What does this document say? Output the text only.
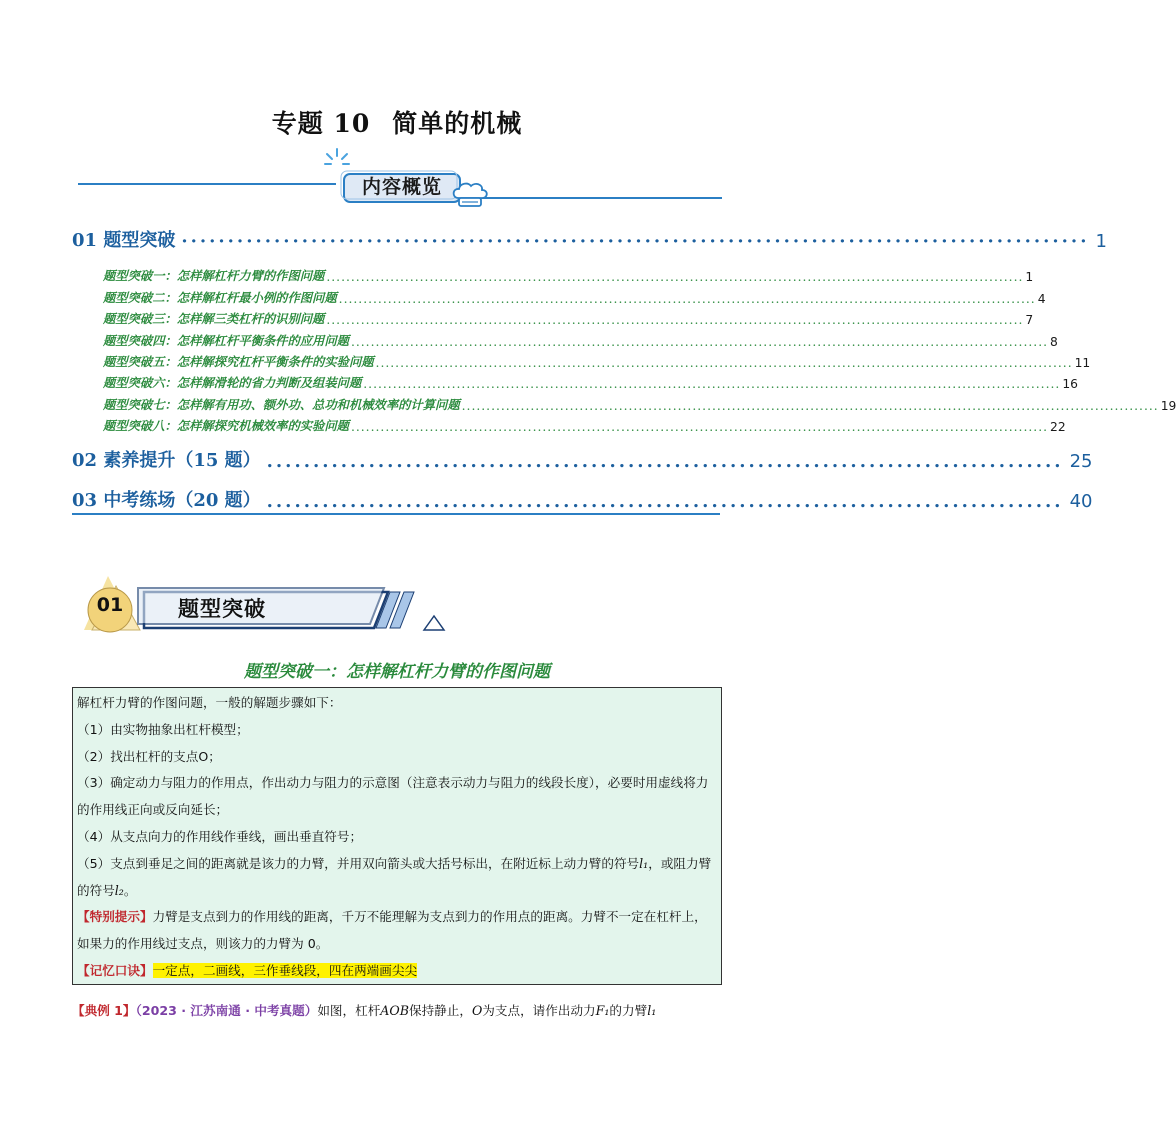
专题 10 简单的机械
内容概览
01 题型突破 ·································································································· 1
题型突破一：怎样解杠杆力臂的作图问题 .............................................................................................................................................. 1
题型突破二：怎样解杠杆最小例的作图问题 .............................................................................................................................................. 4
题型突破三：怎样解三类杠杆的识别问题 .............................................................................................................................................. 7
题型突破四：怎样解杠杆平衡条件的应用问题 .............................................................................................................................................. 8
题型突破五：怎样解探究杠杆平衡条件的实验问题 .............................................................................................................................................. 11
题型突破六：怎样解滑轮的省力判断及组装问题 .............................................................................................................................................. 16
题型突破七：怎样解有用功、额外功、总功和机械效率的计算问题 .............................................................................................................................................. 19
题型突破八：怎样解探究机械效率的实验问题 .............................................................................................................................................. 22
02 素养提升（15 题） ...................................................................................... 25
03 中考练场（20 题） ...................................................................................... 40
01	题型突破
题型突破一：怎样解杠杆力臂的作图问题

解杠杆力臂的作图问题，一般的解题步骤如下：

（1）由实物抽象出杠杆模型；

（2）找出杠杆的支点O；

（3）确定动力与阻力的作用点，作出动力与阻力的示意图（注意表示动力与阻力的线段长度），必要时用虚线将力的作用线正向或反向延长；

（4）从支点向力的作用线作垂线，画出垂直符号；

（5）支点到垂足之间的距离就是该力的力臂，并用双向箭头或大括号标出，在附近标上动力臂的符号l₁，或阻力臂的符号l₂。

【特别提示】力臂是支点到力的作用线的距离，千万不能理解为支点到力的作用点的距离。力臂不一定在杠杆上，如果力的作用线过支点，则该力的力臂为 0。

【记忆口诀】一定点，二画线，三作垂线段，四在两端画尖尖

【典例 1】（2023 · 江苏南通 · 中考真题）如图，杠杆AOB保持静止，O为支点，请作出动力F₁的力臂l₁
